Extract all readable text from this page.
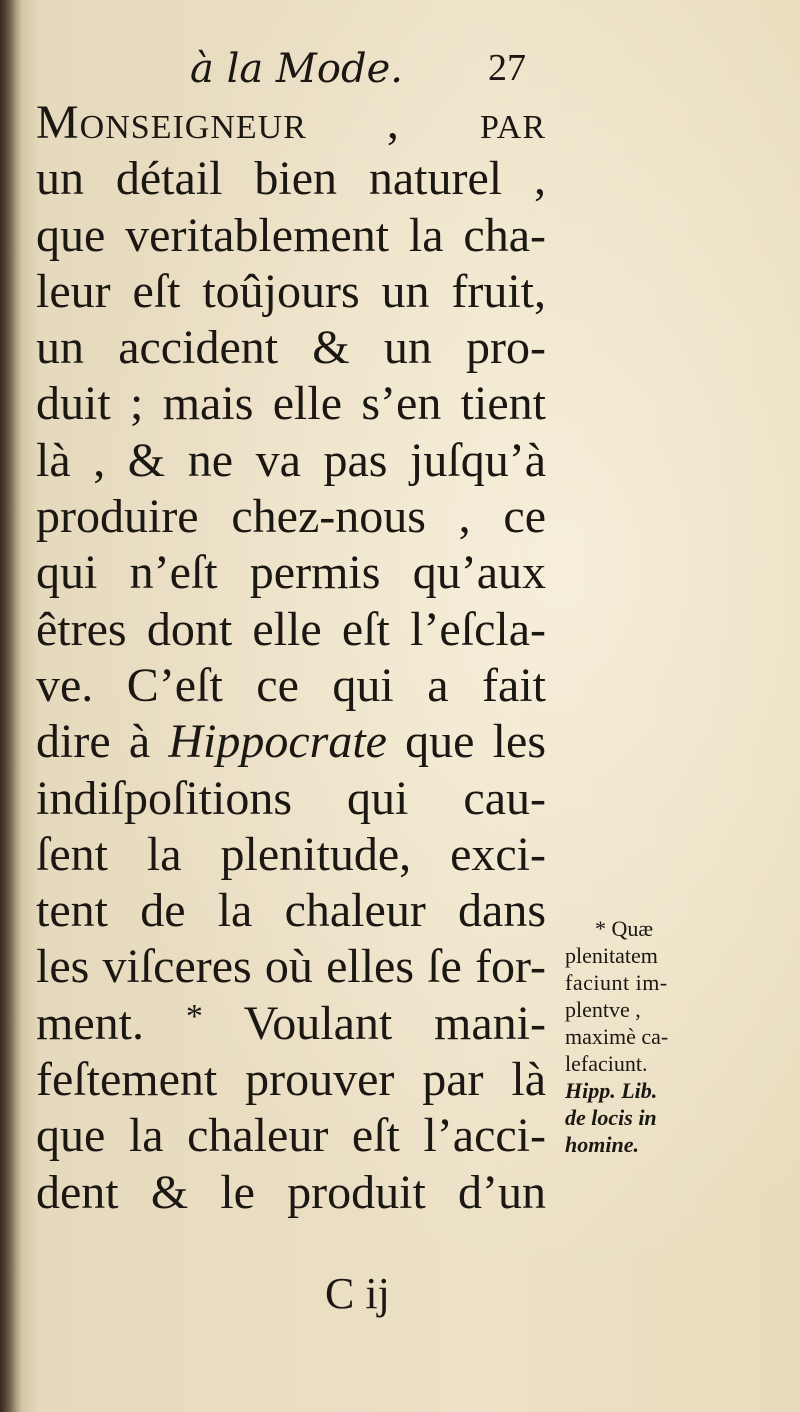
à la Mode. 27
Monseigneur , par
un détail bien naturel ,
que veritablement la cha-
leur eſt toûjours un fruit,
un accident & un pro-
duit ; mais elle s’en tient
là , & ne va pas juſqu’à
produire chez-nous , ce
qui n’eſt permis qu’aux
êtres dont elle eſt l’eſcla-
ve. C’eſt ce qui a fait
dire à Hippocrate que les
indiſpoſitions qui cau-
ſent la plenitude, exci-
tent de la chaleur dans
les viſceres où elles ſe for-
ment. * Voulant mani-
feſtement prouver par là
que la chaleur eſt l’acci-
dent & le produit d’un
C ij
* Quæ
plenitatem
faciunt im-
plentve ,
maximè ca-
lefaciunt.
Hipp. Lib.
de locis in
homine.
